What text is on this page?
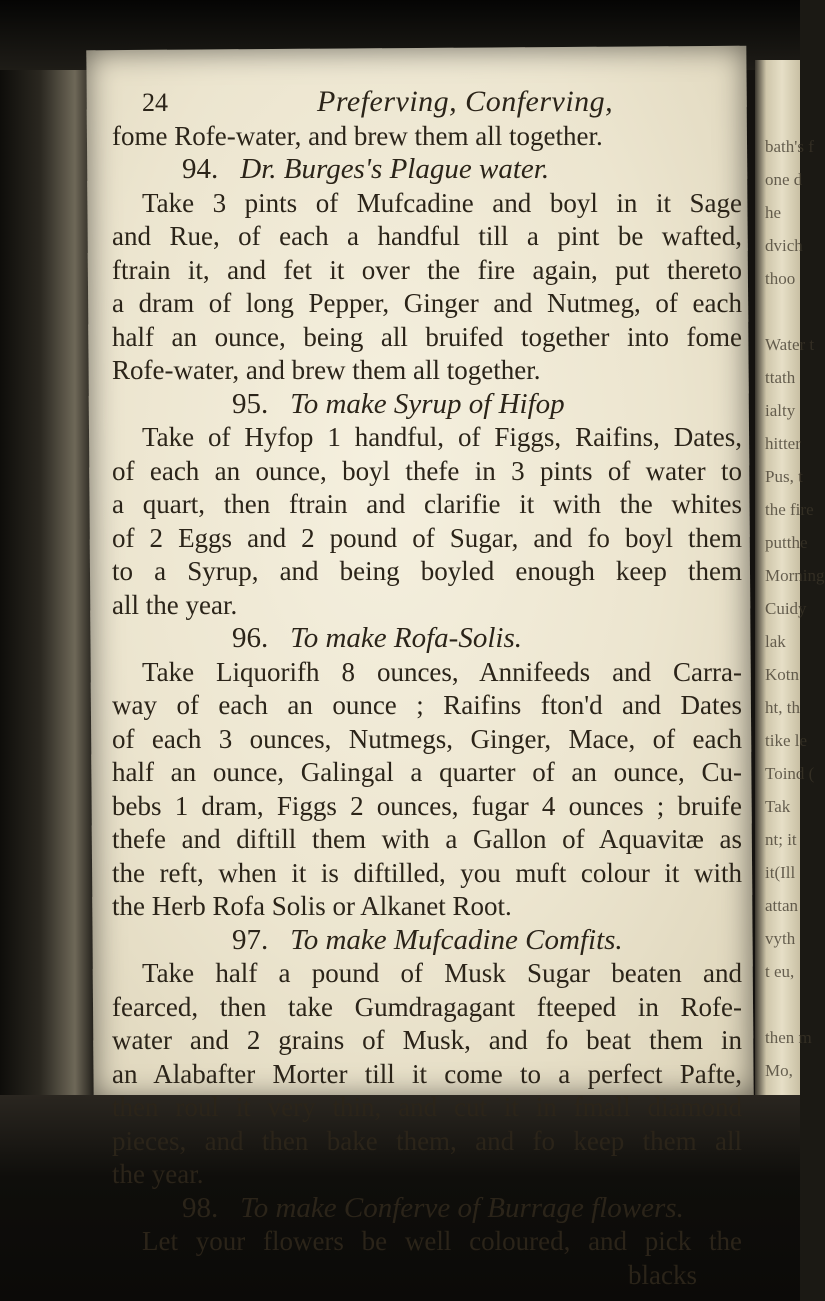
bath's f
one d
he
dvich
thoo

Water t
ttath
ialty
hitter
Pus, t
the fire
putthe
Morning
Cuidy
lak
Kotn
ht, th
tike le
Toind (
Tak
nt; it
it(Ill
attan
vyth
t eu,

then m
Mo,
24	Preferving, Conferving,
fome Rofe-water, and brew them all together.
94. Dr. Burges's Plague water.
Take 3 pints of Mufcadine and boyl in it Sage
and Rue, of each a handful till a pint be wafted,
ftrain it, and fet it over the fire again, put thereto
a dram of long Pepper, Ginger and Nutmeg, of each
half an ounce, being all bruifed together into fome
Rofe-water, and brew them all together.
95. To make Syrup of Hifop
Take of Hyfop 1 handful, of Figgs, Raifins, Dates,
of each an ounce, boyl thefe in 3 pints of water to
a quart, then ftrain and clarifie it with the whites
of 2 Eggs and 2 pound of Sugar, and fo boyl them
to a Syrup, and being boyled enough keep them
all the year.
96. To make Rofa-Solis.
Take Liquorifh 8 ounces, Annifeeds and Carra-
way of each an ounce ; Raifins fton'd and Dates
of each 3 ounces, Nutmegs, Ginger, Mace, of each
half an ounce, Galingal a quarter of an ounce, Cu-
bebs 1 dram, Figgs 2 ounces, fugar 4 ounces ; bruife
thefe and diftill them with a Gallon of Aquavitæ as
the reft, when it is diftilled, you muft colour it with
the Herb Rofa Solis or Alkanet Root.
97. To make Mufcadine Comfits.
Take half a pound of Musk Sugar beaten and
fearced, then take Gumdragagant fteeped in Rofe-
water and 2 grains of Musk, and fo beat them in
an Alabafter Morter till it come to a perfect Pafte,
then roul it very thin, and cut it in fmall diamond
pieces, and then bake them, and fo keep them all
the year.
98. To make Conferve of Burrage flowers.
Let your flowers be well coloured, and pick the
blacks
